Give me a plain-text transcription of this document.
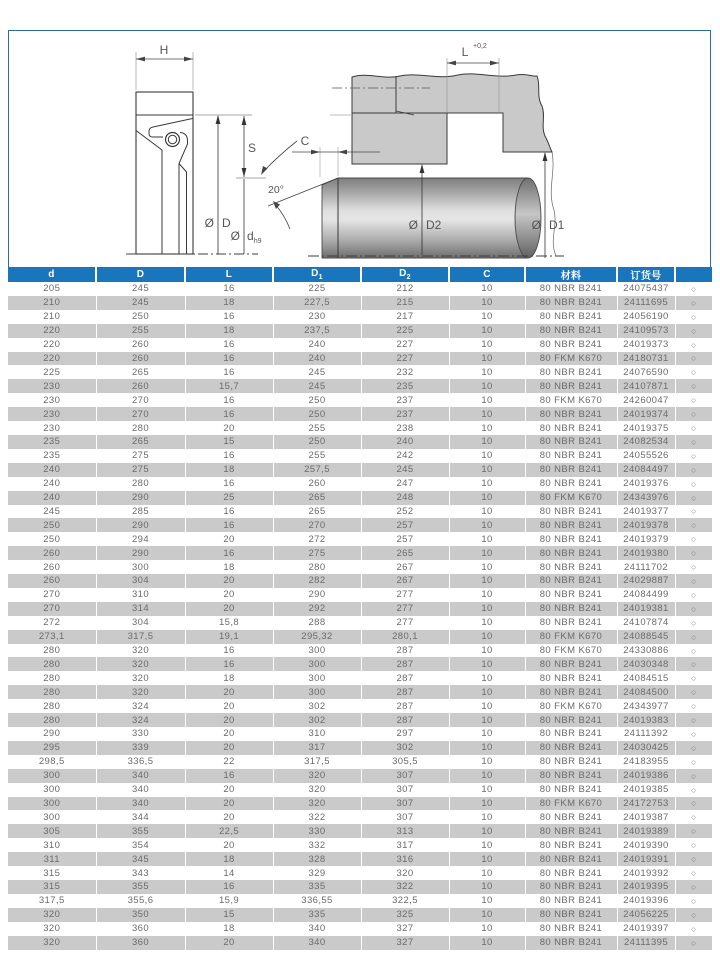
L +0,2
C
20°
Ø D2	Ø D1
H
Ø D
S
Ø dh9
d	D	L	$D_1$	$D_2$	C	材料	订货号	
205	245	16	225	212	10	80 NBR B241	24075437	○
210	245	18	227,5	215	10	80 NBR B241	24111695	○
210	250	16	230	217	10	80 NBR B241	24056190	○
220	255	18	237,5	225	10	80 NBR B241	24109573	○
220	260	16	240	227	10	80 NBR B241	24019373	○
220	260	16	240	227	10	80 FKM K670	24180731	○
225	265	16	245	232	10	80 NBR B241	24076590	○
230	260	15,7	245	235	10	80 NBR B241	24107871	○
230	270	16	250	237	10	80 FKM K670	24260047	○
230	270	16	250	237	10	80 NBR B241	24019374	○
230	280	20	255	238	10	80 NBR B241	24019375	○
235	265	15	250	240	10	80 NBR B241	24082534	○
235	275	16	255	242	10	80 NBR B241	24055526	○
240	275	18	257,5	245	10	80 NBR B241	24084497	○
240	280	16	260	247	10	80 NBR B241	24019376	○
240	290	25	265	248	10	80 FKM K670	24343976	○
245	285	16	265	252	10	80 NBR B241	24019377	○
250	290	16	270	257	10	80 NBR B241	24019378	○
250	294	20	272	257	10	80 NBR B241	24019379	○
260	290	16	275	265	10	80 NBR B241	24019380	○
260	300	18	280	267	10	80 NBR B241	24111702	○
260	304	20	282	267	10	80 NBR B241	24029887	○
270	310	20	290	277	10	80 NBR B241	24084499	○
270	314	20	292	277	10	80 NBR B241	24019381	○
272	304	15,8	288	277	10	80 NBR B241	24107874	○
273,1	317,5	19,1	295,32	280,1	10	80 FKM K670	24088545	○
280	320	16	300	287	10	80 FKM K670	24330886	○
280	320	16	300	287	10	80 NBR B241	24030348	○
280	320	18	300	287	10	80 NBR B241	24084515	○
280	320	20	300	287	10	80 NBR B241	24084500	○
280	324	20	302	287	10	80 FKM K670	24343977	○
280	324	20	302	287	10	80 NBR B241	24019383	○
290	330	20	310	297	10	80 NBR B241	24111392	○
295	339	20	317	302	10	80 NBR B241	24030425	○
298,5	336,5	22	317,5	305,5	10	80 NBR B241	24183955	○
300	340	16	320	307	10	80 NBR B241	24019386	○
300	340	20	320	307	10	80 NBR B241	24019385	○
300	340	20	320	307	10	80 FKM K670	24172753	○
300	344	20	322	307	10	80 NBR B241	24019387	○
305	355	22,5	330	313	10	80 NBR B241	24019389	○
310	354	20	332	317	10	80 NBR B241	24019390	○
311	345	18	328	316	10	80 NBR B241	24019391	○
315	343	14	329	320	10	80 NBR B241	24019392	○
315	355	16	335	322	10	80 NBR B241	24019395	○
317,5	355,6	15,9	336,55	322,5	10	80 NBR B241	24019396	○
320	350	15	335	325	10	80 NBR B241	24056225	○
320	360	18	340	327	10	80 NBR B241	24019397	○
320	360	20	340	327	10	80 NBR B241	24111395	○
